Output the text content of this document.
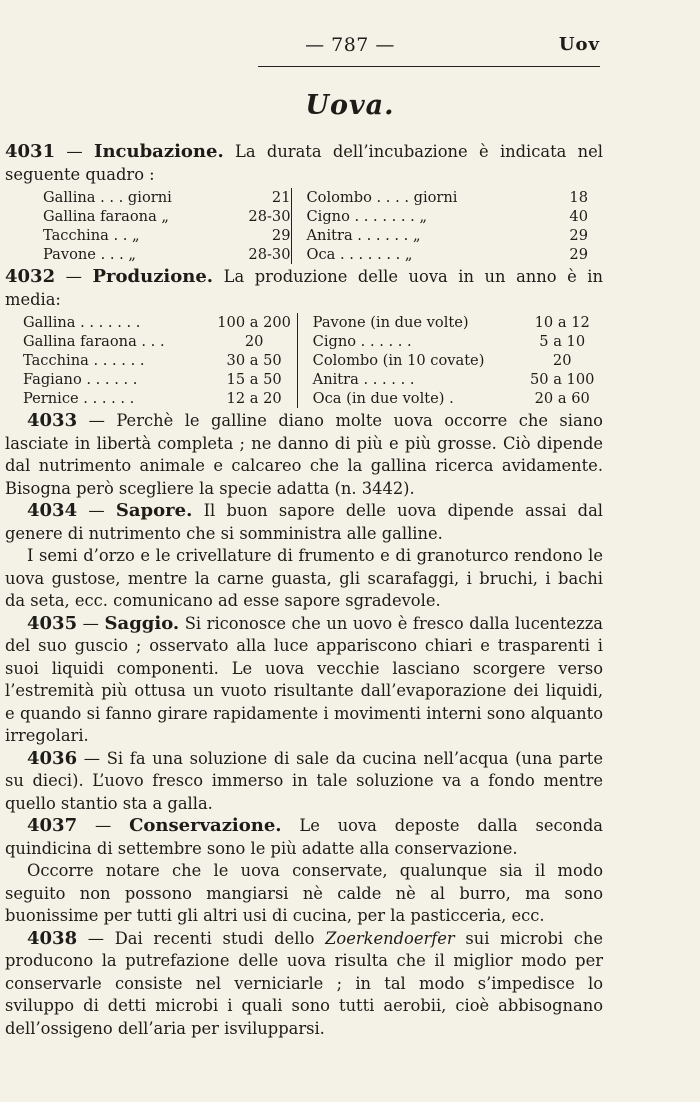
— 787 —	Uov
Uova.

4031 — Incubazione. La durata dell’incubazione è indicata nel seguente quadro :

Gallina . . . giorni	21	Colombo . . . . giorni	18
Gallina faraona „	28-30	Cigno . . . . . . . „	40
Tacchina . . „	29	Anitra . . . . . . „	29
Pavone . . . „	28-30	Oca . . . . . . . „	29

4032 — Produzione. La produzione delle uova in un anno è in media:

Gallina . . . . . . .	100 a 200	Pavone (in due volte)	10 a 12
Gallina faraona . . .	20	Cigno . . . . . .	5 a 10
Tacchina . . . . . .	30 a 50	Colombo (in 10 covate)	20
Fagiano . . . . . .	15 a 50	Anitra . . . . . .	50 a 100
Pernice . . . . . .	12 a 20	Oca (in due volte) .	20 a 60

4033 — Perchè le galline diano molte uova occorre che siano lasciate in libertà completa ; ne danno di più e più grosse. Ciò dipende dal nutrimento animale e calcareo che la gallina ricerca avidamente. Bisogna però scegliere la specie adatta (n. 3442).

4034 — Sapore. Il buon sapore delle uova dipende assai dal genere di nutrimento che si somministra alle galline.

I semi d’orzo e le crivellature di frumento e di granoturco rendono le uova gustose, mentre la carne guasta, gli scarafaggi, i bruchi, i bachi da seta, ecc. comunicano ad esse sapore sgradevole.

4035 — Saggio. Si riconosce che un uovo è fresco dalla lucentezza del suo guscio ; osservato alla luce appariscono chiari e trasparenti i suoi liquidi componenti. Le uova vecchie lasciano scorgere verso l’estremità più ottusa un vuoto risultante dall’evaporazione dei liquidi, e quando si fanno girare rapidamente i movimenti interni sono alquanto irregolari.

4036 — Si fa una soluzione di sale da cucina nell’acqua (una parte su dieci). L’uovo fresco immerso in tale soluzione va a fondo mentre quello stantio sta a galla.

4037 — Conservazione. Le uova deposte dalla seconda quindicina di settembre sono le più adatte alla conservazione.

Occorre notare che le uova conservate, qualunque sia il modo seguito non possono mangiarsi nè calde nè al burro, ma sono buonissime per tutti gli altri usi di cucina, per la pasticceria, ecc.

4038 — Dai recenti studi dello Zoerkendoerfer sui microbi che producono la putrefazione delle uova risulta che il miglior modo per conservarle consiste nel verniciarle ; in tal modo s’impedisce lo sviluppo di detti microbi i quali sono tutti aerobii, cioè abbisognano dell’ossigeno dell’aria per isvilupparsi.
